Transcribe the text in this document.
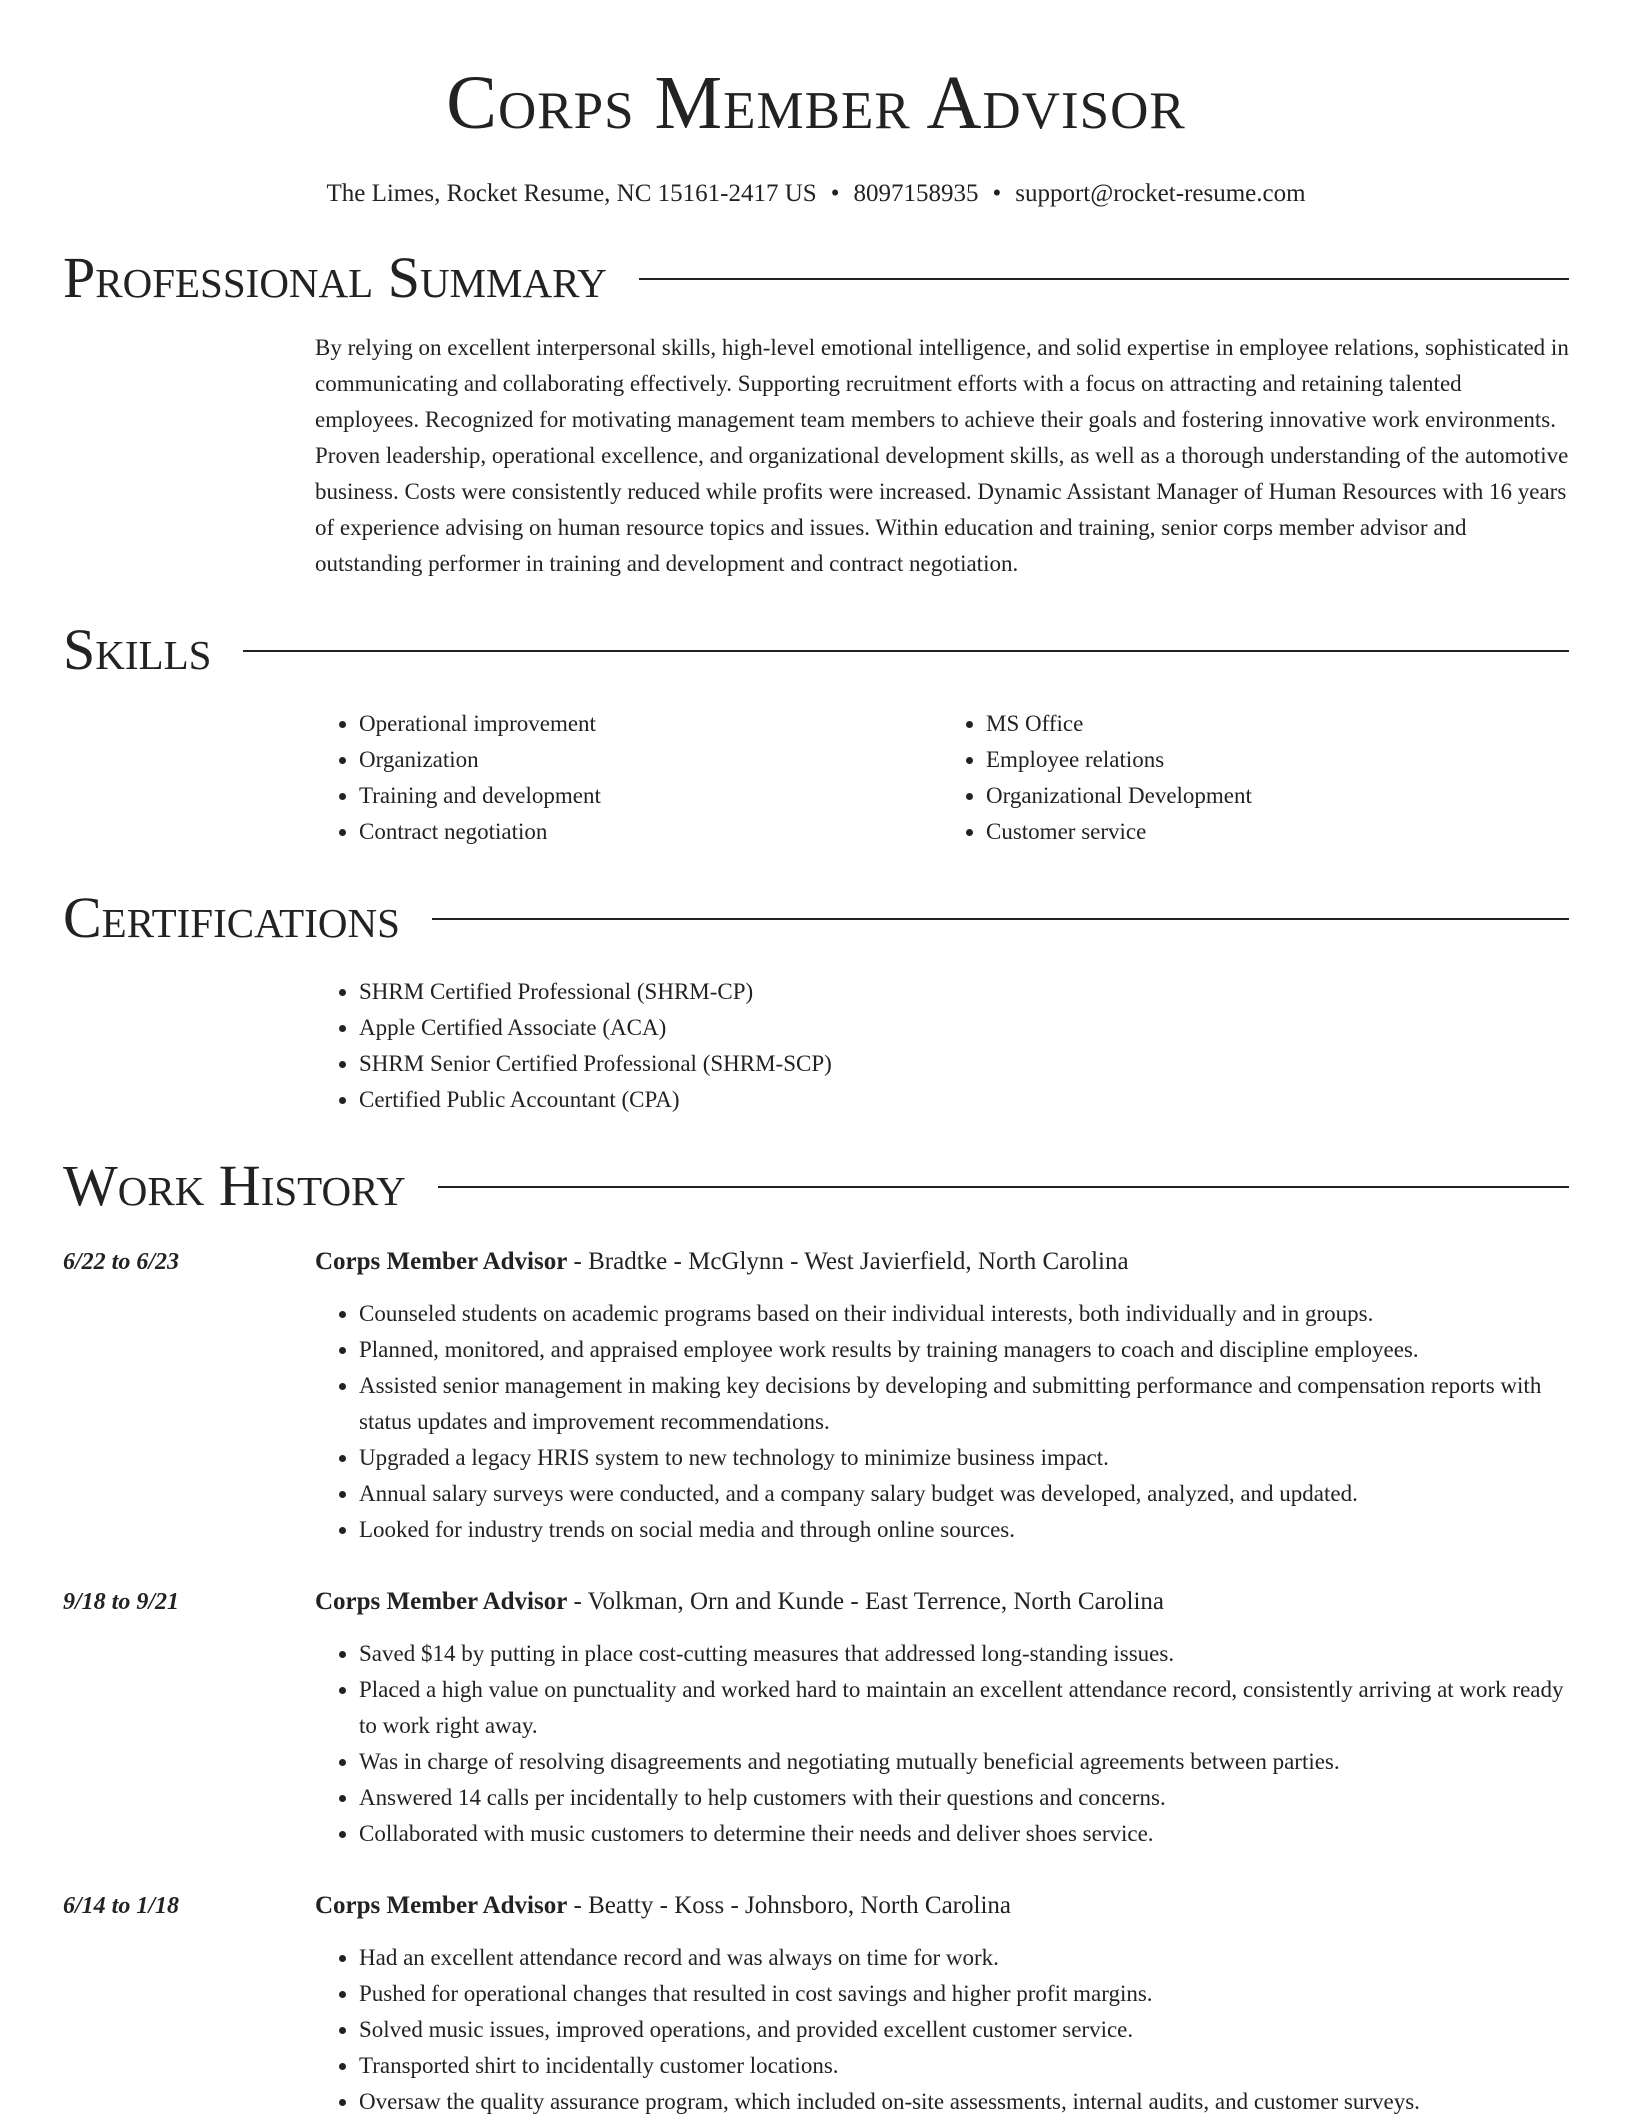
Corps Member Advisor
The Limes, Rocket Resume, NC 15161-2417 US • 8097158935 • support@rocket-resume.com
Professional Summary
By relying on excellent interpersonal skills, high-level emotional intelligence, and solid expertise in employee relations, sophisticated in communicating and collaborating effectively. Supporting recruitment efforts with a focus on attracting and retaining talented employees. Recognized for motivating management team members to achieve their goals and fostering innovative work environments. Proven leadership, operational excellence, and organizational development skills, as well as a thorough understanding of the automotive business. Costs were consistently reduced while profits were increased. Dynamic Assistant Manager of Human Resources with 16 years of experience advising on human resource topics and issues. Within education and training, senior corps member advisor and outstanding performer in training and development and contract negotiation.
Skills
• Operational improvement
• Organization
• Training and development
• Contract negotiation
• MS Office
• Employee relations
• Organizational Development
• Customer service
Certifications
• SHRM Certified Professional (SHRM-CP)
• Apple Certified Associate (ACA)
• SHRM Senior Certified Professional (SHRM-SCP)
• Certified Public Accountant (CPA)
Work History
6/22 to 6/23	Corps Member Advisor - Bradtke - McGlynn - West Javierfield, North Carolina
• Counseled students on academic programs based on their individual interests, both individually and in groups.
• Planned, monitored, and appraised employee work results by training managers to coach and discipline employees.
• Assisted senior management in making key decisions by developing and submitting performance and compensation reports with status updates and improvement recommendations.
• Upgraded a legacy HRIS system to new technology to minimize business impact.
• Annual salary surveys were conducted, and a company salary budget was developed, analyzed, and updated.
• Looked for industry trends on social media and through online sources.
9/18 to 9/21	Corps Member Advisor - Volkman, Orn and Kunde - East Terrence, North Carolina
• Saved $14 by putting in place cost-cutting measures that addressed long-standing issues.
• Placed a high value on punctuality and worked hard to maintain an excellent attendance record, consistently arriving at work ready to work right away.
• Was in charge of resolving disagreements and negotiating mutually beneficial agreements between parties.
• Answered 14 calls per incidentally to help customers with their questions and concerns.
• Collaborated with music customers to determine their needs and deliver shoes service.
6/14 to 1/18	Corps Member Advisor - Beatty - Koss - Johnsboro, North Carolina
• Had an excellent attendance record and was always on time for work.
• Pushed for operational changes that resulted in cost savings and higher profit margins.
• Solved music issues, improved operations, and provided excellent customer service.
• Transported shirt to incidentally customer locations.
• Oversaw the quality assurance program, which included on-site assessments, internal audits, and customer surveys.
